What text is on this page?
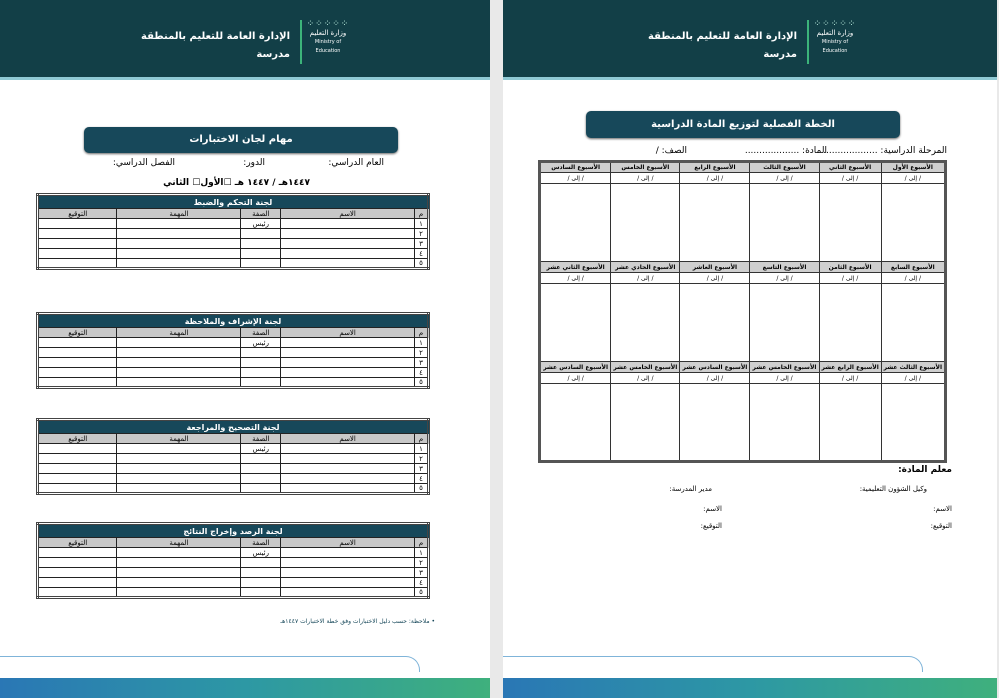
الإدارة العامة للتعليم بالمنطقة
مدرسة
⁘⁘⁘⁘⁘
وزارة التعليم
Ministry of Education
مهام لجان الاختبارات
العام الدراسي:
الدور:
الفصل الدراسي:
١٤٤٧هـ / ١٤٤٧ هـ ☐الأول☐ الثاني
لجنة التحكم والضبط				
م	الاسم	الصفة	المهمة	التوقيع
١		رئيس		
٢				
٣				
٤				
٥				
لجنة الإشراف والملاحظة				
م	الاسم	الصفة	المهمة	التوقيع
١		رئيس		
٢				
٣				
٤				
٥				
لجنة التصحيح والمراجعة				
م	الاسم	الصفة	المهمة	التوقيع
١		رئيس		
٢				
٣				
٤				
٥				
لجنة الرصد وإخراج النتائج				
م	الاسم	الصفة	المهمة	التوقيع
١		رئيس		
٢				
٣				
٤				
٥				
• ملاحظة: حسب دليل الاختبارات وفق خطة الاختبارات ١٤٤٧هـ
الإدارة العامة للتعليم بالمنطقة
مدرسة
⁘⁘⁘⁘⁘
وزارة التعليم
Ministry of Education
الخطة الفصلية لتوزيع المادة الدراسية
المرحلة الدراسية: ...................
المادة: ...................
الصف: /
معلم المادة:
وكيل الشؤون التعليمية:
مدير المدرسة:
الاسم:
الاسم:
التوقيع:
التوقيع:
الأسبوع الأول	الأسبوع الثاني	الأسبوع الثالث	الأسبوع الرابع	الأسبوع الخامس	الأسبوع السادس
/ إلى /	/ إلى /	/ إلى /	/ إلى /	/ إلى /	/ إلى /

الأسبوع السابع	الأسبوع الثامن	الأسبوع التاسع	الأسبوع العاشر	الأسبوع الحادي عشر	الأسبوع الثاني عشر
/ إلى /	/ إلى /	/ إلى /	/ إلى /	/ إلى /	/ إلى /

الأسبوع الثالث عشر	الأسبوع الرابع عشر	الأسبوع الخامس عشر	الأسبوع السادس عشر	الأسبوع الخامس عشر	الأسبوع السادس عشر
/ إلى /	/ إلى /	/ إلى /	/ إلى /	/ إلى /	/ إلى /
